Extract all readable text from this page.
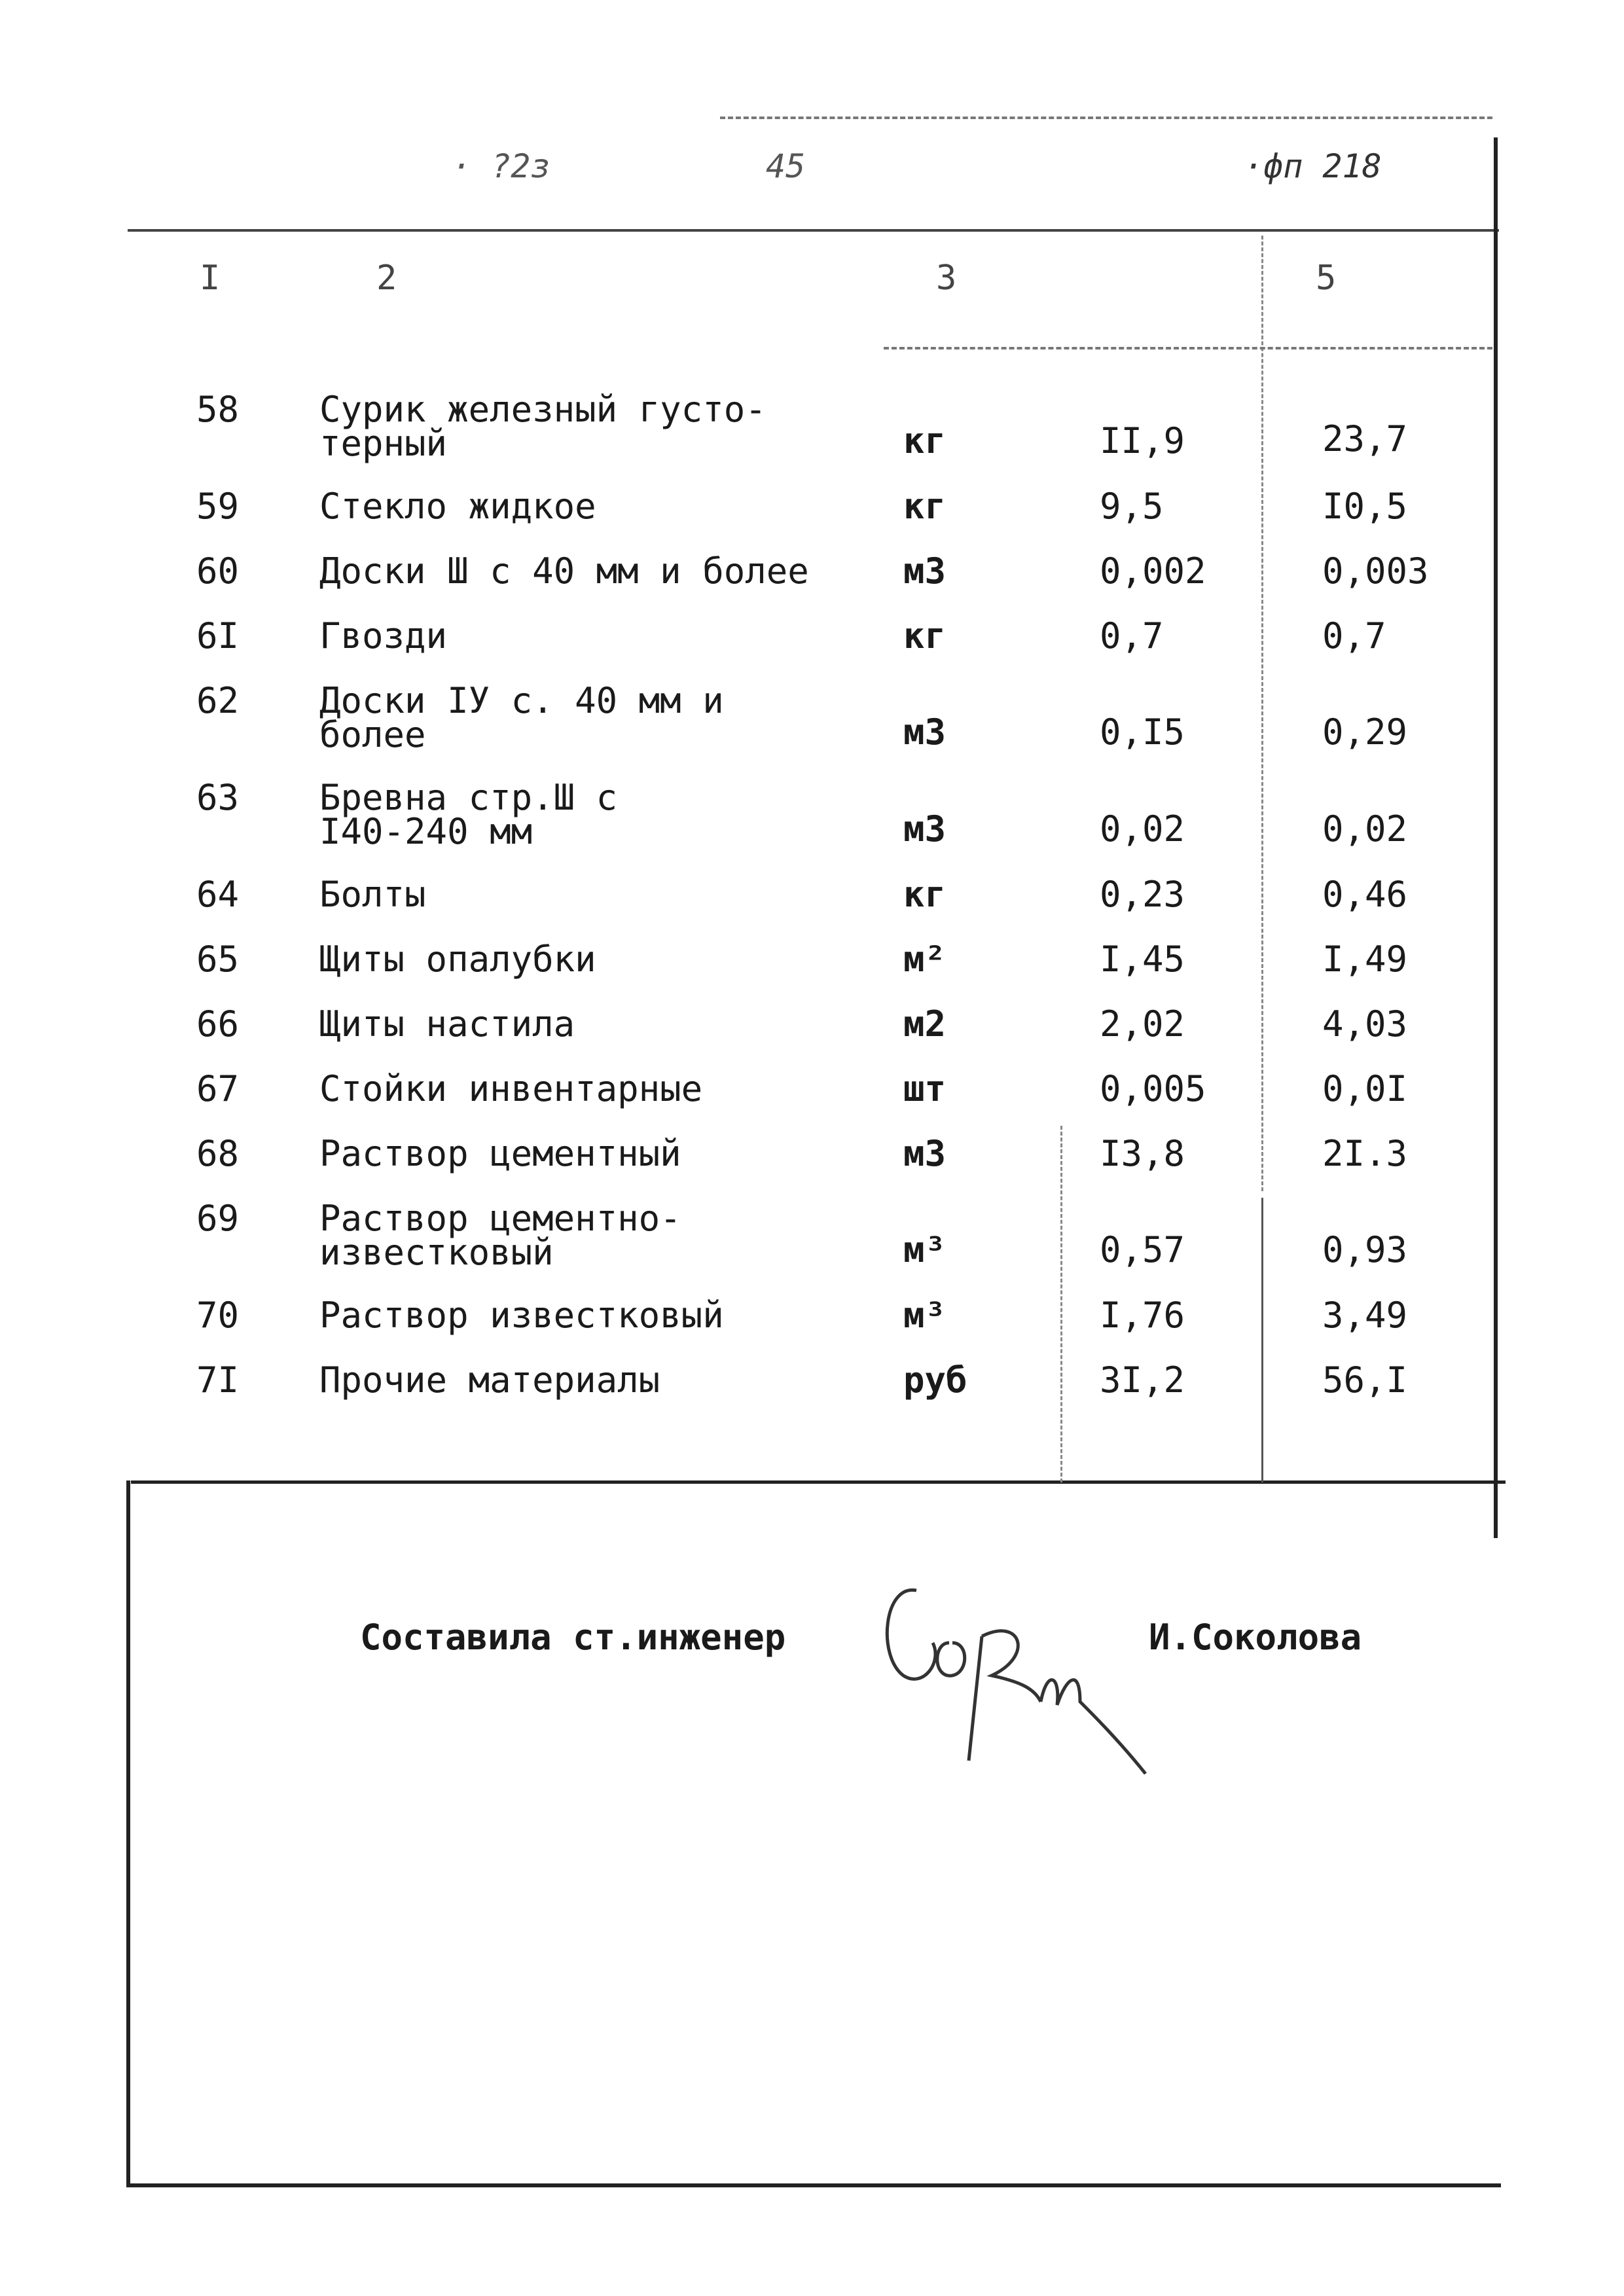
· ?2з	45	·фп 218
I	2	3	5
58 Сурик железный густо-
терный	кг	II,9	23,7
59 Стекло жидкое	кг	9,5	I0,5
60 Доски Ш с 40 мм и более	м3	0,002	0,003
6I Гвозди	кг	0,7	0,7
62 Доски IУ с. 40 мм и
более	м3	0,I5	0,29
63 Бревна стр.Ш с
I40-240 мм	м3	0,02	0,02
64 Болты	кг	0,23	0,46
65 Щиты опалубки	м²	I,45	I,49
66 Щиты настила	м2	2,02	4,03
67 Стойки инвентарные	шт	0,005	0,0I
68 Раствор цементный	м3	I3,8	2I.3
69 Раствор цементно-
известковый	м³	0,57	0,93
70 Раствор известковый	м³	I,76	3,49
7I Прочие материалы	руб	3I,2	56,I
Составила ст.инженер	И.Соколова
